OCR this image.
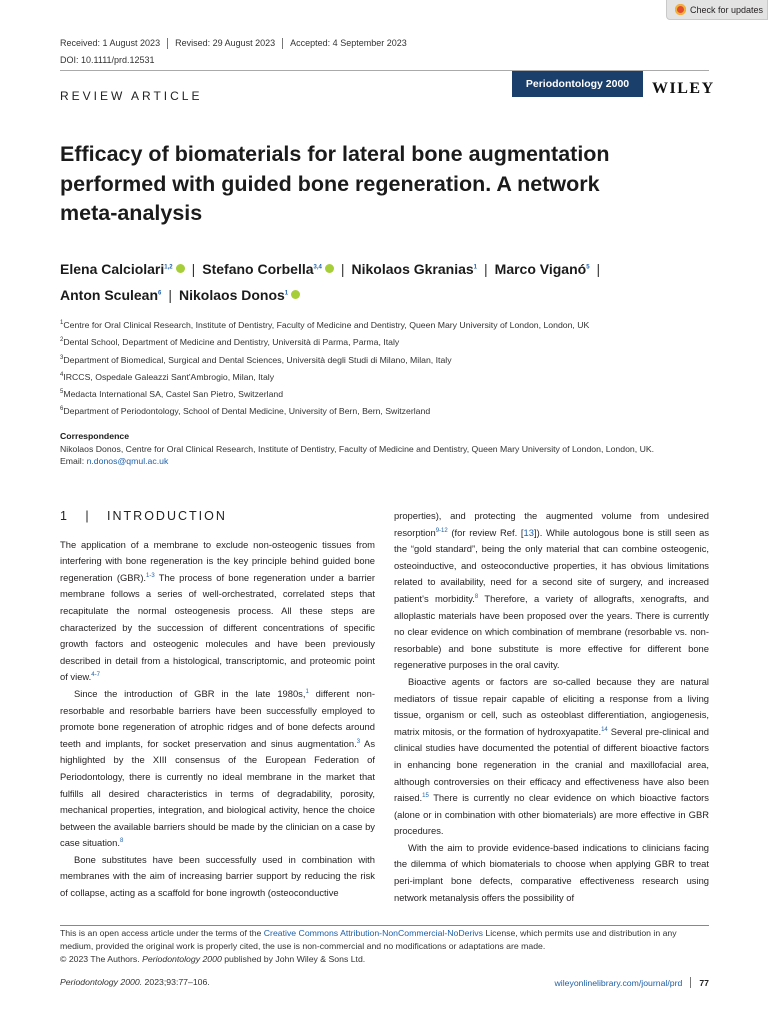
Check for updates
Received: 1 August 2023	Revised: 29 August 2023	Accepted: 4 September 2023
DOI: 10.1111/prd.12531
Periodontology 2000	WILEY
REVIEW ARTICLE
Efficacy of biomaterials for lateral bone augmentation performed with guided bone regeneration. A network meta-analysis
Elena Calciolari$^{1,2}$ | Stefano Corbella$^{3,4}$ | Nikolaos Gkranias$^1$ | Marco Viganó$^5$ |
Anton Sculean$^6$ | Nikolaos Donos$^1$
$^1$Centre for Oral Clinical Research, Institute of Dentistry, Faculty of Medicine and Dentistry, Queen Mary University of London, London, UK
$^2$Dental School, Department of Medicine and Dentistry, Università di Parma, Parma, Italy
$^3$Department of Biomedical, Surgical and Dental Sciences, Università degli Studi di Milano, Milan, Italy
$^4$IRCCS, Ospedale Galeazzi Sant'Ambrogio, Milan, Italy
$^5$Medacta International SA, Castel San Pietro, Switzerland
$^6$Department of Periodontology, School of Dental Medicine, University of Bern, Bern, Switzerland
Correspondence
Nikolaos Donos, Centre for Oral Clinical Research, Institute of Dentistry, Faculty of Medicine and Dentistry, Queen Mary University of London, London, UK.
Email: n.donos@qmul.ac.uk
1 | INTRODUCTION

The application of a membrane to exclude non-osteogenic tissues from interfering with bone regeneration is the key principle behind guided bone regeneration (GBR).$^{1-3}$ The process of bone regeneration under a barrier membrane follows a series of well-orchestrated, correlated steps that recapitulate the normal osteogenesis process. All these steps are characterized by the succession of different concentrations of specific growth factors and osteogenic molecules and have been previously described in detail from a histological, transcriptomic, and proteomic point of view.$^{4-7}$

Since the introduction of GBR in the late 1980s,$^1$ different non-resorbable and resorbable barriers have been successfully employed to promote bone regeneration of atrophic ridges and of bone defects around teeth and implants, for socket preservation and sinus augmentation.$^3$ As highlighted by the XIII consensus of the European Federation of Periodontology, there is currently no ideal membrane in the market that fulfills all desired characteristics in terms of degradability, porosity, mechanical properties, integration, and biological activity, hence the choice between the available barriers should be made by the clinician on a case by case situation.$^8$

Bone substitutes have been successfully used in combination with membranes with the aim of increasing barrier support by reducing the risk of collapse, acting as a scaffold for bone ingrowth (osteoconductive

properties), and protecting the augmented volume from undesired resorption$^{9-12}$ (for review Ref. [13]). While autologous bone is still seen as the “gold standard”, being the only material that can combine osteogenic, osteoinductive, and osteoconductive properties, it has obvious limitations related to availability, need for a second site of surgery, and increased patient's morbidity.$^8$ Therefore, a variety of allografts, xenografts, and alloplastic materials have been proposed over the years. There is currently no clear evidence on which combination of membrane (resorbable vs. non-resorbable) and bone substitute is more effective for different bone regenerative purposes in the oral cavity.

Bioactive agents or factors are so-called because they are natural mediators of tissue repair capable of eliciting a response from a living tissue, organism or cell, such as osteoblast differentiation, angiogenesis, matrix mitosis, or the formation of hydroxyapatite.$^{14}$ Several pre-clinical and clinical studies have documented the potential of different bioactive factors in enhancing bone regeneration in the cranial and maxillofacial area, although controversies on their efficacy and effectiveness have also been raised.$^{15}$ There is currently no clear evidence on which bioactive factors (alone or in combination with other biomaterials) are more effective in GBR procedures.

With the aim to provide evidence-based indications to clinicians facing the dilemma of which biomaterials to choose when applying GBR to treat peri-implant bone defects, comparative effectiveness research using network metanalysis offers the possibility of

This is an open access article under the terms of the Creative Commons Attribution-NonCommercial-NoDerivs License, which permits use and distribution in any medium, provided the original work is properly cited, the use is non-commercial and no modifications or adaptations are made.
© 2023 The Authors. Periodontology 2000 published by John Wiley & Sons Ltd.
Periodontology 2000. 2023;93:77–106.	wileyonlinelibrary.com/journal/prd 77
